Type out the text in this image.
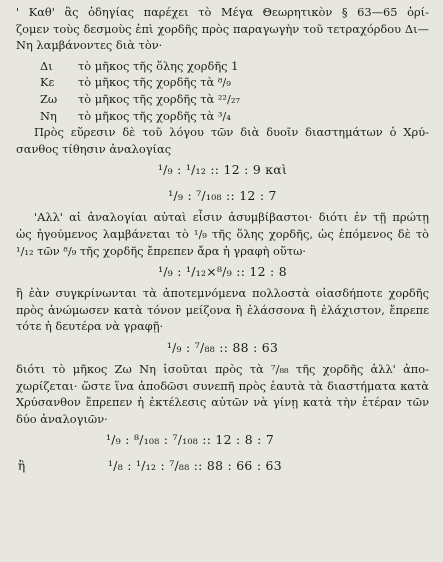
' Καθ' ἃς ὁδηγίας παρέχει τὸ Μέγα Θεωρητικὸν § 63—65 ὁρί-
ζομεν τοὺς δεσμοὺς ἐπὶ χορδῆς πρὸς παραγωγὴν τοῦ τετραχόρδου Δι—
Νη λαμβάνοντες διὰ τὸν·
Δι	τὸ μῆκος τῆς ὅλης χορδῆς 1
Κε	τὸ μῆκος τῆς χορδῆς τὰ ⁸/₉
Ζω	τὸ μῆκος τῆς χορδῆς τὰ ²²/₂₇
Νη	τὸ μῆκος τῆς χορδῆς τὰ ³/₄
Πρὸς εὕρεσιν δὲ τοῦ λόγου τῶν διὰ δυοῖν διαστημάτων ὁ Χρύ-
σανθος τίθησιν ἀναλογίας
¹/₉ : ¹/₁₂ :: 12 : 9 καὶ
¹/₉ : ⁷/₁₀₈ :: 12 : 7
'Αλλ' αἱ ἀναλογίαι αὐταὶ εἶσιν ἀσυμβίβαστοι· διότι ἐν τῇ πρώτῃ
ὡς ἡγούμενος λαμβάνεται τὸ ¹/₉ τῆς ὅλης χορδῆς, ὡς ἑπόμενος δὲ τὸ
¹/₁₂ τῶν ⁸/₉ τῆς χορδῆς ἔπρεπεν ἄρα ἡ γραφὴ οὕτω·
¹/₉ : ¹/₁₂×⁸/₉ :: 12 : 8
ἢ ἐὰν συγκρίνωνται τὰ ἀποτεμνόμενα πολλοστὰ οἱασδήποτε χορδῆς
πρὸς ἀνώμωσεν κατὰ τόνον μείζονα ἢ ἐλάσσονα ἢ ἐλάχιστον, ἔπρεπε
τότε ἡ δευτέρα νὰ γραφῇ·
¹/₉ : ⁷/₈₈ :: 88 : 63
διότι τὸ μῆκος Ζω Νη ἰσοῦται πρὸς τὰ ⁷/₈₈ τῆς χορδῆς ἀλλ' ἀπο-
χωρίζεται· ὥστε ἵνα ἀποδῶσι συνεπῆ πρὸς ἑαυτὰ τὰ διαστήματα κατὰ
Χρύσανθον ἔπρεπεν ἡ ἐκτέλεσις αὐτῶν νὰ γίνῃ κατὰ τὴν ἑτέραν τῶν
δύο ἀναλογιῶν·
¹/₉ : ⁸/₁₀₈ : ⁷/₁₀₈ :: 12 : 8 : 7
ἢ	¹/₈ : ¹/₁₂ : ⁷/₈₈ :: 88 : 66 : 63
